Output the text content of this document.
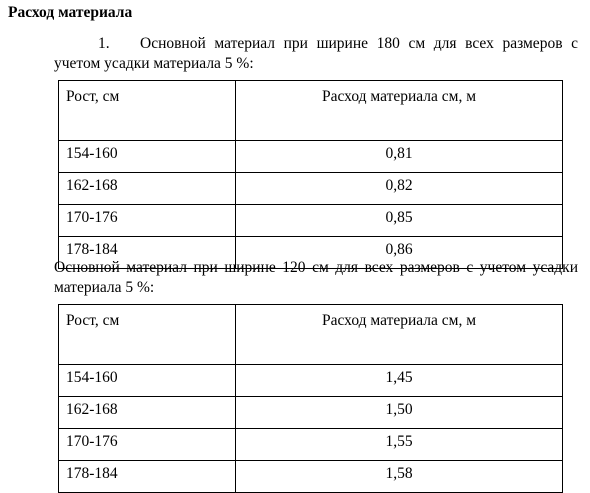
Расход материала
1. Основной материал при ширине 180 см для всех размеров с учетом усадки материала 5 %:
Рост, см	Расход материала см, м
154-160	0,81
162-168	0,82
170-176	0,85
178-184	0,86
Основной материал при ширине 120 см для всех размеров с учетом усадки материала 5 %:
Рост, см	Расход материала см, м
154-160	1,45
162-168	1,50
170-176	1,55
178-184	1,58
